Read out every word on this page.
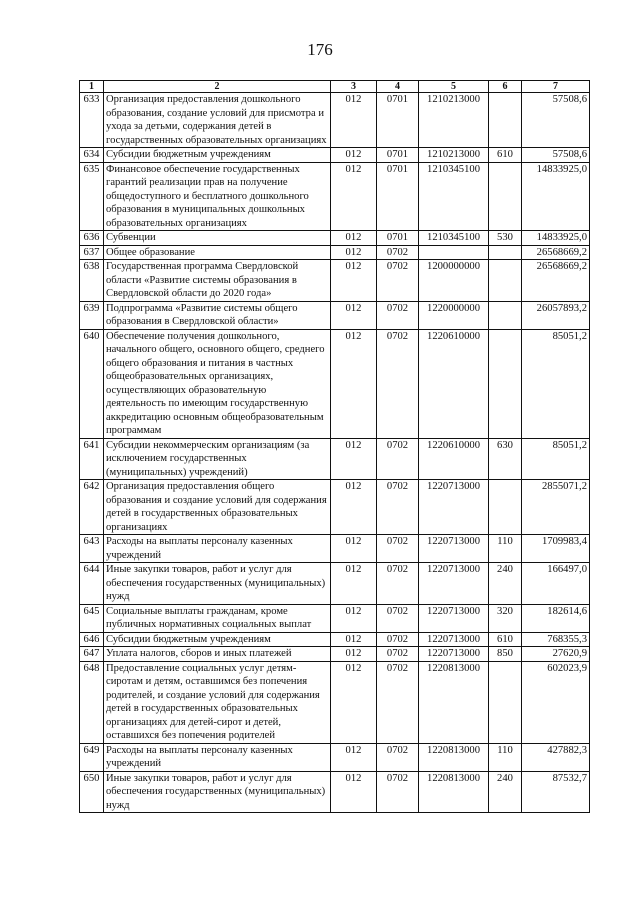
176
1	2	3	4	5	6	7
633	Организация предоставления дошкольного образования, создание условий для присмотра и ухода за детьми, содержания детей в государственных образовательных организациях	012	0701	1210213000		57508,6
634	Субсидии бюджетным учреждениям	012	0701	1210213000	610	57508,6
635	Финансовое обеспечение государственных гарантий реализации прав на получение общедоступного и бесплатного дошкольного образования в муниципальных дошкольных образовательных организациях	012	0701	1210345100		14833925,0
636	Субвенции	012	0701	1210345100	530	14833925,0
637	Общее образование	012	0702			26568669,2
638	Государственная программа Свердловской области «Развитие системы образования в Свердловской области до 2020 года»	012	0702	1200000000		26568669,2
639	Подпрограмма «Развитие системы общего образования в Свердловской области»	012	0702	1220000000		26057893,2
640	Обеспечение получения дошкольного, начального общего, основного общего, среднего общего образования и питания в частных общеобразовательных организациях, осуществляющих образовательную деятельность по имеющим государственную аккредитацию основным общеобразовательным программам	012	0702	1220610000		85051,2
641	Субсидии некоммерческим организациям (за исключением государственных (муниципальных) учреждений)	012	0702	1220610000	630	85051,2
642	Организация предоставления общего образования и создание условий для содержания детей в государственных образовательных организациях	012	0702	1220713000		2855071,2
643	Расходы на выплаты персоналу казенных учреждений	012	0702	1220713000	110	1709983,4
644	Иные закупки товаров, работ и услуг для обеспечения государственных (муниципальных) нужд	012	0702	1220713000	240	166497,0
645	Социальные выплаты гражданам, кроме публичных нормативных социальных выплат	012	0702	1220713000	320	182614,6
646	Субсидии бюджетным учреждениям	012	0702	1220713000	610	768355,3
647	Уплата налогов, сборов и иных платежей	012	0702	1220713000	850	27620,9
648	Предоставление социальных услуг детям-сиротам и детям, оставшимся без попечения родителей, и создание условий для содержания детей в государственных образовательных организациях для детей-сирот и детей, оставшихся без попечения родителей	012	0702	1220813000		602023,9
649	Расходы на выплаты персоналу казенных учреждений	012	0702	1220813000	110	427882,3
650	Иные закупки товаров, работ и услуг для обеспечения государственных (муниципальных) нужд	012	0702	1220813000	240	87532,7
